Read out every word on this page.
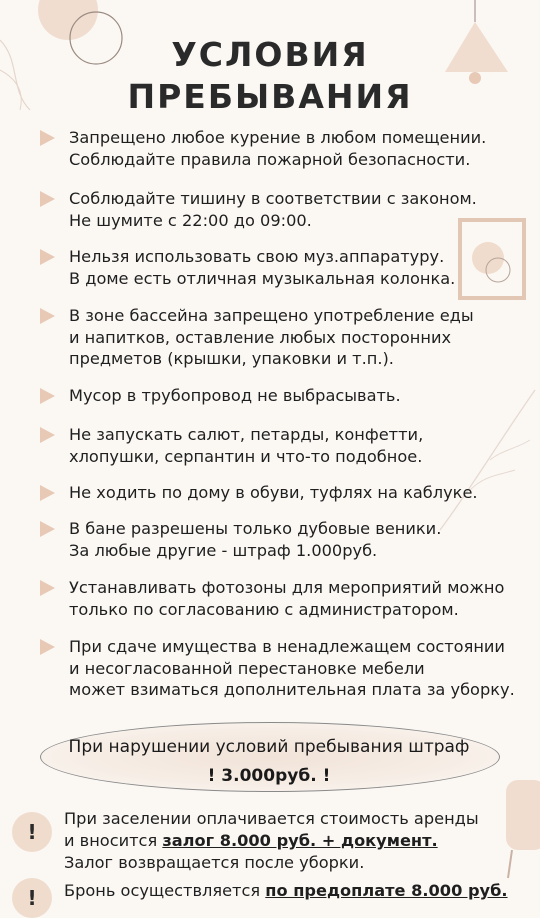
УСЛОВИЯ
ПРЕБЫВАНИЯ
Запрещено любое курение в любом помещении.
Соблюдайте правила пожарной безопасности.
Соблюдайте тишину в соответствии с законом.
Не шумите с 22:00 до 09:00.
Нельзя использовать свою муз.аппаратуру.
В доме есть отличная музыкальная колонка.
В зоне бассейна запрещено употребление еды
и напитков, оставление любых посторонних
предметов (крышки, упаковки и т.п.).
Мусор в трубопровод не выбрасывать.
Не запускать салют, петарды, конфетти,
хлопушки, серпантин и что-то подобное.
Не ходить по дому в обуви, туфлях на каблуке.
В бане разрешены только дубовые веники.
За любые другие - штраф 1.000руб.
Устанавливать фотозоны для мероприятий можно
только по согласованию с администратором.
При сдаче имущества в ненадлежащем состоянии
и несогласованной перестановке мебели
может взиматься дополнительная плата за уборку.
При нарушении условий пребывания штраф
! 3.000руб. !
!
При заселении оплачивается стоимость аренды
и вносится залог 8.000 руб. + документ.
Залог возвращается после уборки.
!	Бронь осуществляется по предоплате 8.000 руб.
